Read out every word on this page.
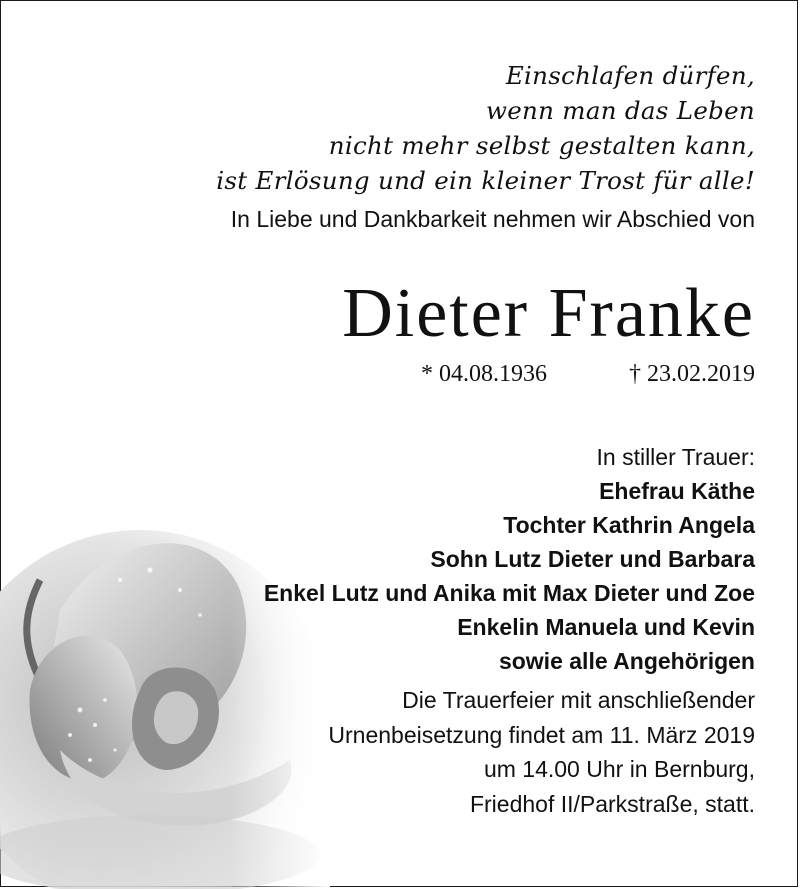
Einschlafen dürfen,
wenn man das Leben
nicht mehr selbst gestalten kann,
ist Erlösung und ein kleiner Trost für alle!
In Liebe und Dankbarkeit nehmen wir Abschied von
Dieter Franke
* 04.08.1936	† 23.02.2019
In stiller Trauer:
Ehefrau Käthe
Tochter Kathrin Angela
Sohn Lutz Dieter und Barbara
Enkel Lutz und Anika mit Max Dieter und Zoe
Enkelin Manuela und Kevin
sowie alle Angehörigen
Die Trauerfeier mit anschließender
Urnenbeisetzung findet am 11. März 2019
um 14.00 Uhr in Bernburg,
Friedhof II/Parkstraße, statt.
